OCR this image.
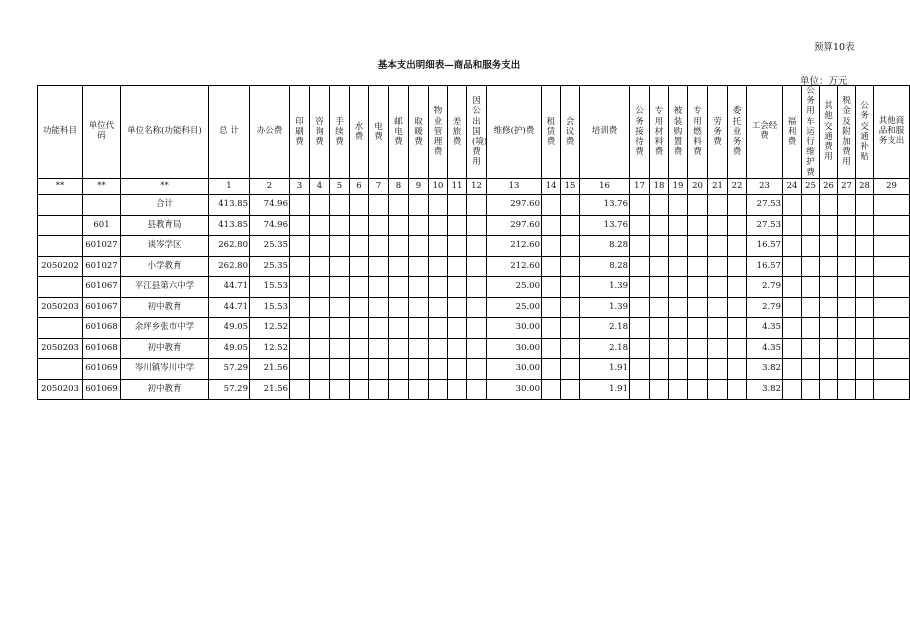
预算10表
基本支出明细表—商品和服务支出
单位：万元
功能科目	单位代码	单位名称(功能科目)	总 计	办公费	印刷费	咨询费	手续费	水费	电费	邮电费	取暖费	物业管理费	差旅费	因公出国(境)费用	维修(护)费	租赁费	会议费	培训费	公务接待费	专用材料费	被装购置费	专用燃料费	劳务费	委托业务费	工会经费	福利费	公务用车运行维护费	其他交通费用	税金及附加费用	公务交通补贴	其他商品和服务支出
**	**	**	1	2	3	4	5	6	7	8	9	10	11	12	13	14	15	16	17	18	19	20	21	22	23	24	25	26	27	28	29
		合计	413.85	74.96											297.60			13.76							27.53						
	601	县教育局	413.85	74.96											297.60			13.76							27.53						
	601027	谈岑学区	262.80	25.35											212.60			8.28							16.57						
2050202	601027	小学教育	262.80	25.35											212.60			8.28							16.57						
	601067	平江县第六中学	44.71	15.53											25.00			1.39							2.79						
2050203	601067	初中教育	44.71	15.53											25.00			1.39							2.79						
	601068	余坪乡张市中学	49.05	12.52											30.00			2.18							4.35						
2050203	601068	初中教育	49.05	12.52											30.00			2.18							4.35						
	601069	岑川镇岑川中学	57.29	21.56											30.00			1.91							3.82						
2050203	601069	初中教育	57.29	21.56											30.00			1.91							3.82						
